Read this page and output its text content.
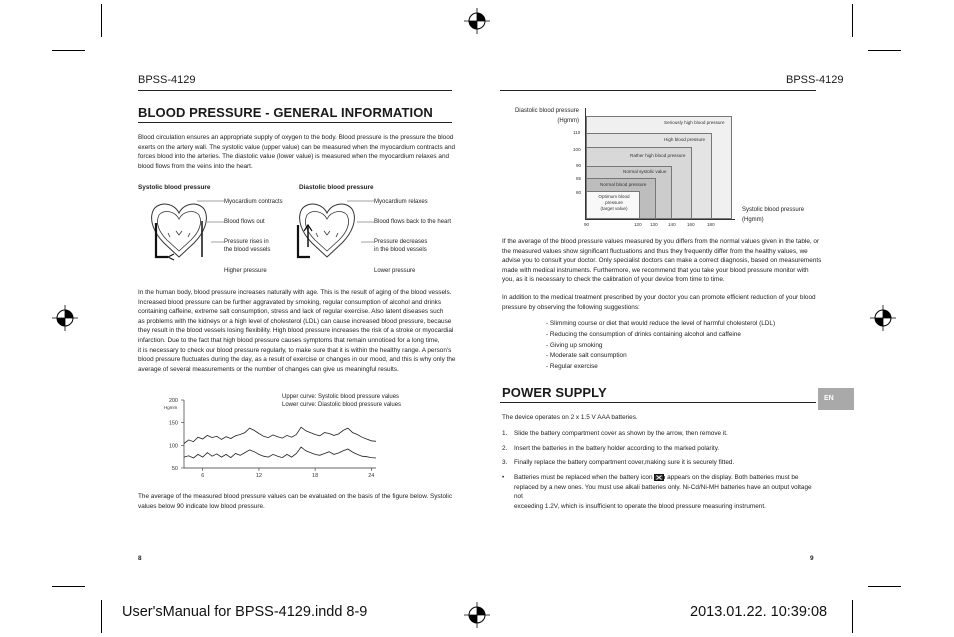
BPSS-4129
BLOOD PRESSURE - GENERAL INFORMATION
Blood circulation ensures an appropriate supply of oxygen to the body. Blood pressure is the pressure the blood
exerts on the artery wall. The systolic value (upper value) can be measured when the myocardium contracts and
forces blood into the arteries. The diastolic value (lower value) is measured when the myocardium relaxes and
blood flows from the veins into the heart.
Systolic blood pressure
Myocardium contracts
Blood flows out
Pressure rises in
the blood vessels
Higher pressure
Diastolic blood pressure
Myocardium relaxes
Blood flows back to the heart
Pressure decreases
in the blood vessels
Lower pressure
In the human body, blood pressure increases naturally with age. This is the result of aging of the blood vessels.
Increased blood pressure can be further aggravated by smoking, regular consumption of alcohol and drinks
containing caffeine, extreme salt consumption, stress and lack of regular exercise. Also latent diseases such
as problems with the kidneys or a high level of cholesterol (LDL) can cause increased blood pressure, because
they result in the blood vessels losing flexibility. High blood pressure increases the risk of a stroke or myocardial
infarction. Due to the fact that high blood pressure causes symptoms that remain unnoticed for a long time,
it is necessary to check our blood pressure regularly, to make sure that it is within the healthy range. A person's
blood pressure fluctuates during the day, as a result of exercise or changes in our mood, and this is why only the
average of several measurements or the number of changes can give us meaningful results.
200
150
100
50
Hgmm
6	12	18	24
Upper curve: Systolic blood pressure values
Lower curve: Diastolic blood pressure values
The average of the measured blood pressure values can be evaluated on the basis of the figure below. Systolic
values below 90 indicate low blood pressure.
8
BPSS-4129
Diastolic blood pressure
(Hgmm)
Systolic blood pressure
(Hgmm)
Seriously high blood pressure
High blood pressure
Rather high blood pressure
Normal systolic value
Normal blood pressure
Optimum blood
pressure
(target value)
110
100
90
85
80
90	120 130 140 160	180
If the average of the blood pressure values measured by you differs from the normal values given in the table, or
the measured values show significant fluctuations and thus they frequently differ from the healthy values, we
advise you to consult your doctor. Only specialist doctors can make a correct diagnosis, based on measurements
made with medical instruments. Furthermore, we recommend that you take your blood pressure monitor with
you, as it is necessary to check the calibration of your device from time to time.
In addition to the medical treatment prescribed by your doctor you can promote efficient reduction of your blood
pressure by observing the following suggestions:
- Slimming course or diet that would reduce the level of harmful cholesterol (LDL)
- Reducing the consumption of drinks containing alcohol and caffeine
- Giving up smoking
- Moderate salt consumption
- Regular exercise
POWER SUPPLY	EN
The device operates on 2 x 1.5 V AAA batteries.
1. Slide the battery compartment cover as shown by the arrow, then remove it.
2. Insert the batteries in the battery holder according to the marked polarity.
3. Finally replace the battery compartment cover,making sure it is securely fitted.
• Batteries must be replaced when the battery icon appears on the display. Both batteries must be
replaced by a new ones. You must use alkali batteries only. Ni-Cd/Ni-MH batteries have an output voltage not
exceeding 1.2V, which is insufficient to operate the blood pressure measuring instrument.
9
User'sManual for BPSS-4129.indd 8-9	2013.01.22. 10:39:08
